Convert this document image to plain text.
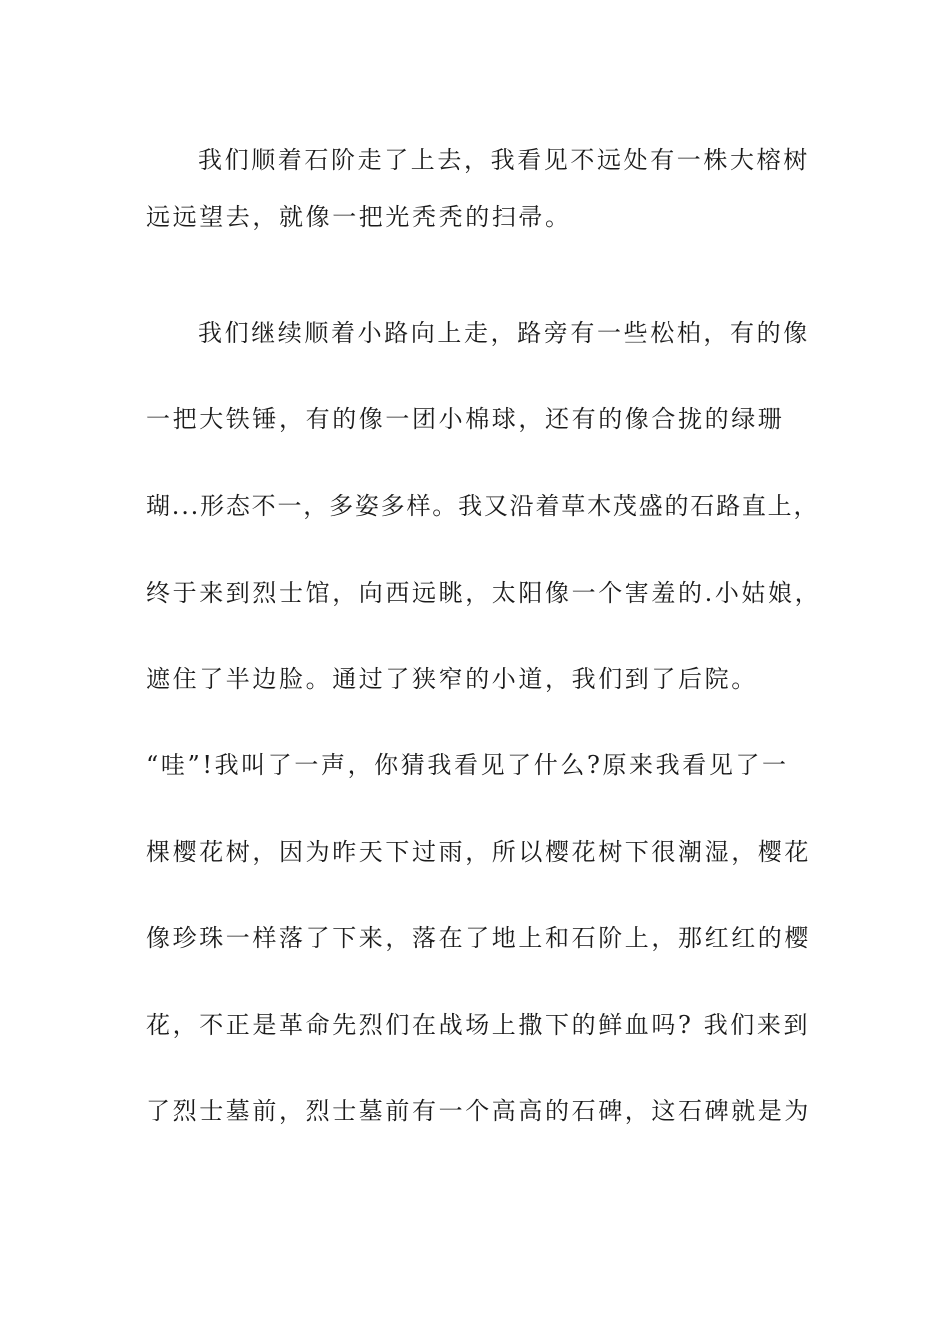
我们顺着石阶走了上去，我看见不远处有一株大榕树
远远望去，就像一把光秃秃的扫帚。
我们继续顺着小路向上走，路旁有一些松柏，有的像
一把大铁锤，有的像一团小棉球，还有的像合拢的绿珊
瑚...形态不一，多姿多样。我又沿着草木茂盛的石路直上，
终于来到烈士馆，向西远眺，太阳像一个害羞的.小姑娘，
遮住了半边脸。通过了狭窄的小道，我们到了后院。
“哇”!我叫了一声，你猜我看见了什么?原来我看见了一
棵樱花树，因为昨天下过雨，所以樱花树下很潮湿，樱花
像珍珠一样落了下来，落在了地上和石阶上，那红红的樱
花，不正是革命先烈们在战场上撒下的鲜血吗? 我们来到
了烈士墓前，烈士墓前有一个高高的石碑，这石碑就是为
